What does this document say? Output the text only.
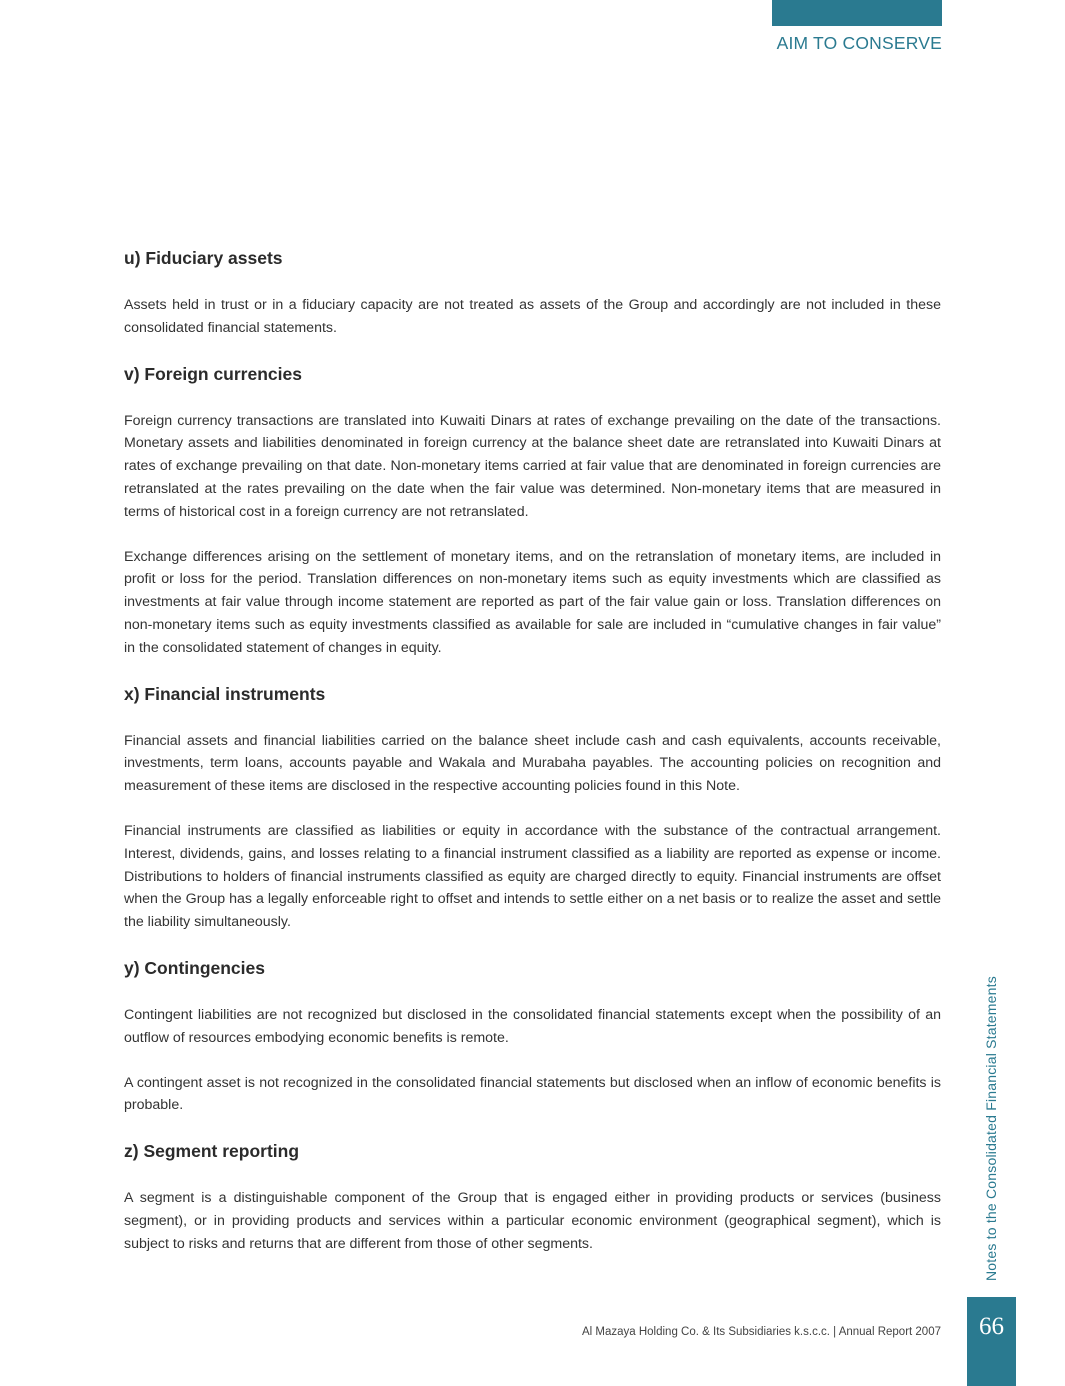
AIM TO CONSERVE
u) Fiduciary assets

Assets held in trust or in a fiduciary capacity are not treated as assets of the Group and accordingly are not included in these consolidated financial statements.

v) Foreign currencies

Foreign currency transactions are translated into Kuwaiti Dinars at rates of exchange prevailing on the date of the transactions. Monetary assets and liabilities denominated in foreign currency at the balance sheet date are retranslated into Kuwaiti Dinars at rates of exchange prevailing on that date. Non-monetary items carried at fair value that are denominated in foreign currencies are retranslated at the rates prevailing on the date when the fair value was determined. Non-monetary items that are measured in terms of historical cost in a foreign currency are not retranslated.

Exchange differences arising on the settlement of monetary items, and on the retranslation of monetary items, are included in profit or loss for the period. Translation differences on non-monetary items such as equity investments which are classified as investments at fair value through income statement are reported as part of the fair value gain or loss. Translation differences on non-monetary items such as equity investments classified as available for sale are included in “cumulative changes in fair value” in the consolidated statement of changes in equity.

x) Financial instruments

Financial assets and financial liabilities carried on the balance sheet include cash and cash equivalents, accounts receivable, investments, term loans, accounts payable and Wakala and Murabaha payables. The accounting policies on recognition and measurement of these items are disclosed in the respective accounting policies found in this Note.

Financial instruments are classified as liabilities or equity in accordance with the substance of the contractual arrangement. Interest, dividends, gains, and losses relating to a financial instrument classified as a liability are reported as expense or income. Distributions to holders of financial instruments classified as equity are charged directly to equity. Financial instruments are offset when the Group has a legally enforceable right to offset and intends to settle either on a net basis or to realize the asset and settle the liability simultaneously.

y) Contingencies

Contingent liabilities are not recognized but disclosed in the consolidated financial statements except when the possibility of an outflow of resources embodying economic benefits is remote.

A contingent asset is not recognized in the consolidated financial statements but disclosed when an inflow of economic benefits is probable.

z) Segment reporting

A segment is a distinguishable component of the Group that is engaged either in providing products or services (business segment), or in providing products and services within a particular economic environment (geographical segment), which is subject to risks and returns that are different from those of other segments.	Notes to the Consolidated Financial Statements
Al Mazaya Holding Co. & Its Subsidiaries k.s.c.c. | Annual Report 2007	66
